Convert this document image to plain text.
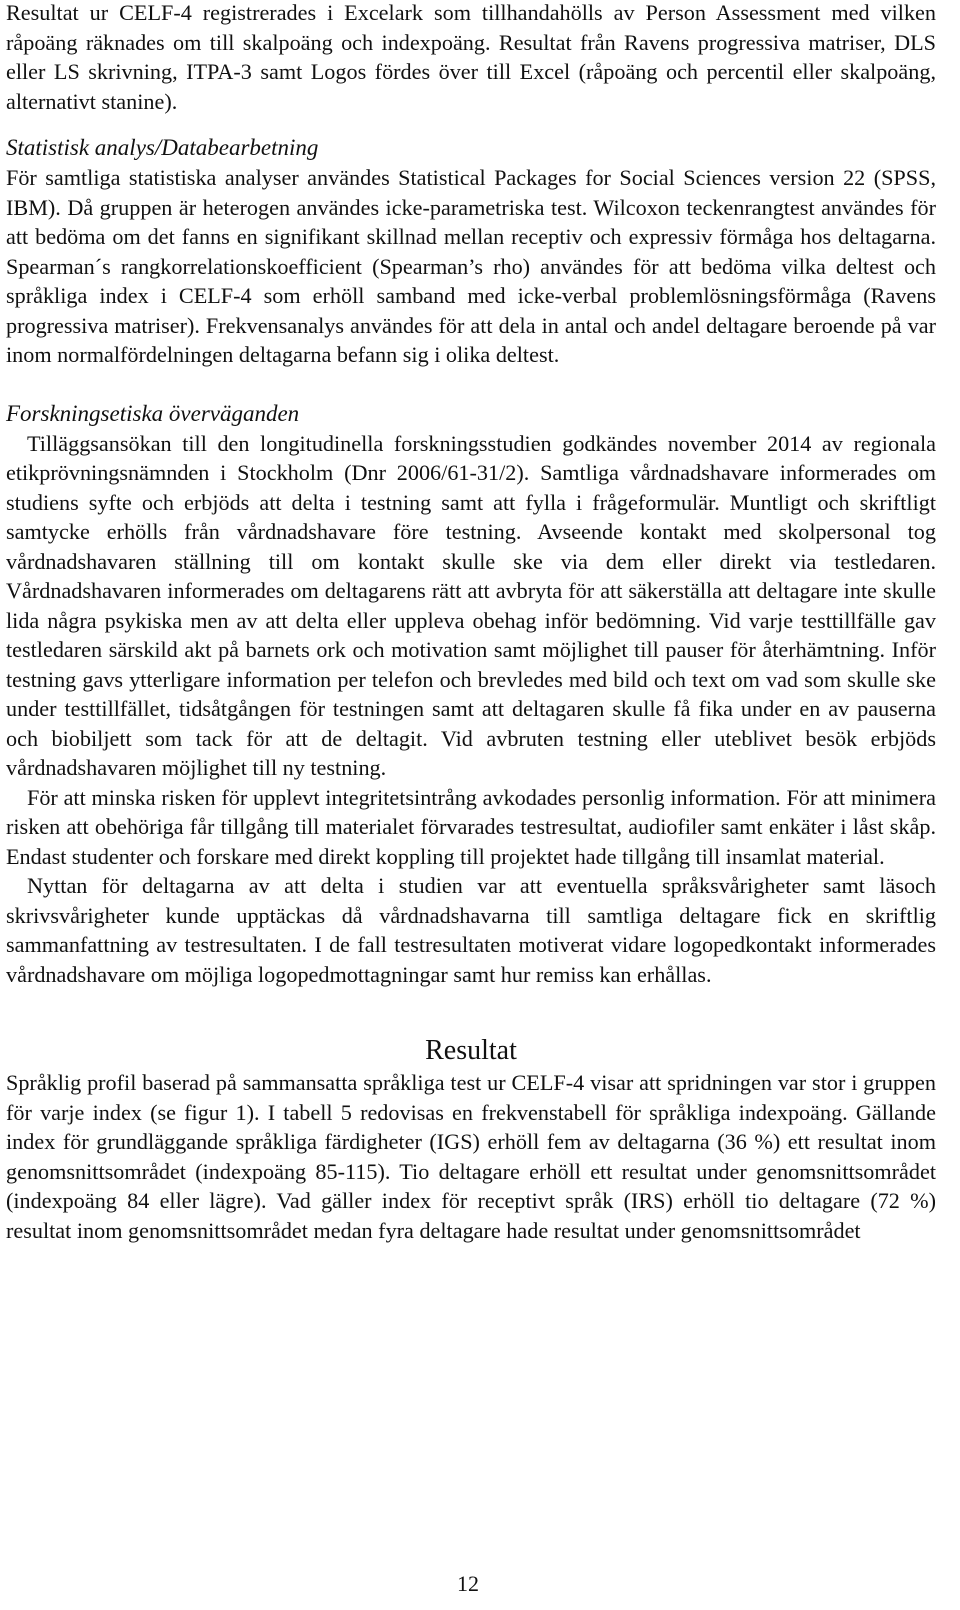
Resultat ur CELF-4 registrerades i Excelark som tillhandahölls av Person Assessment med vilken råpoäng räknades om till skalpoäng och indexpoäng. Resultat från Ravens progressiva matriser, DLS eller LS skrivning, ITPA-3 samt Logos fördes över till Excel (råpoäng och percentil eller skalpoäng, alternativt stanine).

Statistisk analys/Databearbetning

För samtliga statistiska analyser användes Statistical Packages for Social Sciences version 22 (SPSS, IBM). Då gruppen är heterogen användes icke-parametriska test. Wilcoxon teckenrangtest användes för att bedöma om det fanns en signifikant skillnad mellan receptiv och expressiv förmåga hos deltagarna. Spearman´s rangkorrelationskoefficient (Spearman’s rho) användes för att bedöma vilka deltest och språkliga index i CELF-4 som erhöll samband med icke-verbal problemlösningsförmåga (Ravens progressiva matriser). Frekvensanalys användes för att dela in antal och andel deltagare beroende på var inom normalfördelningen deltagarna befann sig i olika deltest.

Forskningsetiska överväganden

Tilläggsansökan till den longitudinella forskningsstudien godkändes november 2014 av regionala etikprövningsnämnden i Stockholm (Dnr 2006/61-31/2). Samtliga vårdnadshavare informerades om studiens syfte och erbjöds att delta i testning samt att fylla i frågeformulär. Muntligt och skriftligt samtycke erhölls från vårdnadshavare före testning. Avseende kontakt med skolpersonal tog vårdnadshavaren ställning till om kontakt skulle ske via dem eller direkt via testledaren. Vårdnadshavaren informerades om deltagarens rätt att avbryta för att säkerställa att deltagare inte skulle lida några psykiska men av att delta eller uppleva obehag inför bedömning. Vid varje testtillfälle gav testledaren särskild akt på barnets ork och motivation samt möjlighet till pauser för återhämtning. Inför testning gavs ytterligare information per telefon och brevledes med bild och text om vad som skulle ske under testtillfället, tidsåtgången för testningen samt att deltagaren skulle få fika under en av pauserna och biobiljett som tack för att de deltagit. Vid avbruten testning eller uteblivet besök erbjöds vårdnadshavaren möjlighet till ny testning.

För att minska risken för upplevt integritetsintrång avkodades personlig information. För att minimera risken att obehöriga får tillgång till materialet förvarades testresultat, audiofiler samt enkäter i låst skåp. Endast studenter och forskare med direkt koppling till projektet hade tillgång till insamlat material.

Nyttan för deltagarna av att delta i studien var att eventuella språksvårigheter samt läsoch skrivsvårigheter kunde upptäckas då vårdnadshavarna till samtliga deltagare fick en skriftlig sammanfattning av testresultaten. I de fall testresultaten motiverat vidare logopedkontakt informerades vårdnadshavare om möjliga logopedmottagningar samt hur remiss kan erhållas.

Resultat

Språklig profil baserad på sammansatta språkliga test ur CELF-4 visar att spridningen var stor i gruppen för varje index (se figur 1). I tabell 5 redovisas en frekvenstabell för språkliga indexpoäng. Gällande index för grundläggande språkliga färdigheter (IGS) erhöll fem av deltagarna (36 %) ett resultat inom genomsnittsområdet (indexpoäng 85-115). Tio deltagare erhöll ett resultat under genomsnittsområdet (indexpoäng 84 eller lägre). Vad gäller index för receptivt språk (IRS) erhöll tio deltagare (72 %) resultat inom genomsnittsområdet medan fyra deltagare hade resultat under genomsnittsområdet

12
